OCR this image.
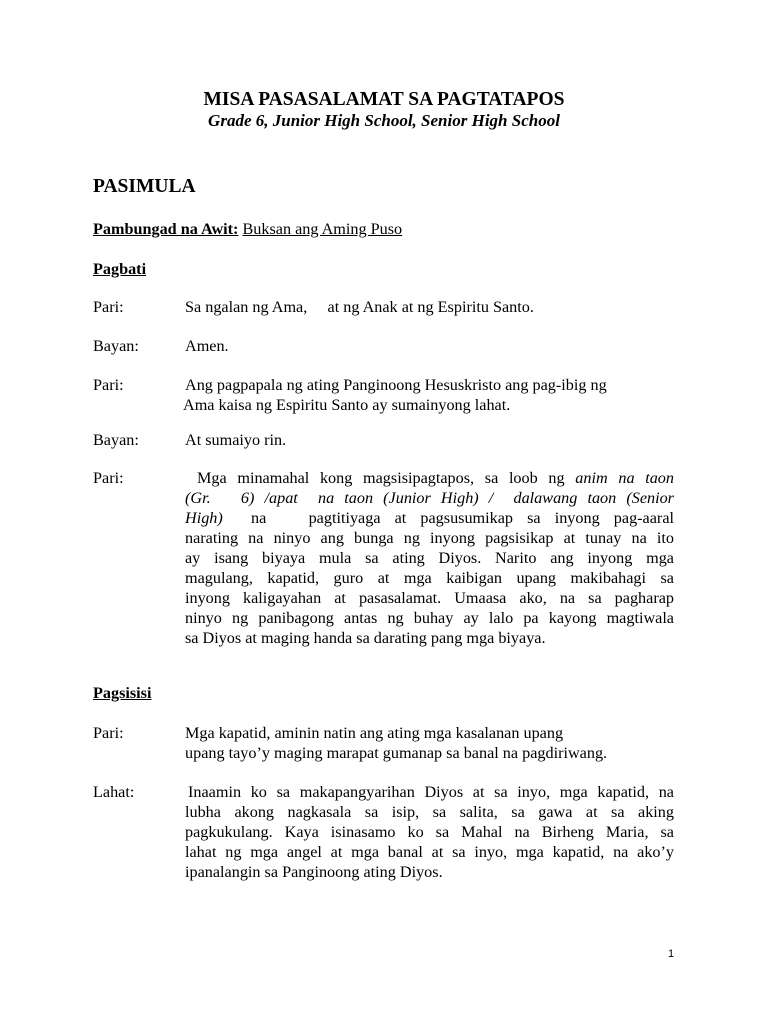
MISA PASASALAMAT SA PAGTATAPOS
Grade 6, Junior High School, Senior High School
PASIMULA
Pambungad na Awit: Buksan ang Aming Puso
Pagbati
Pari:	Sa ngalan ng Ama,     at ng Anak at ng Espiritu Santo.

Bayan:	Amen.

Pari:	Ang pagpapala ng ating Panginoong Hesuskristo ang pag-ibig ng

Ama kaisa ng Espiritu Santo ay sumainyong lahat.

Bayan:	At sumaiyo rin.

Pari:	Mga minamahal kong magsisipagtapos, sa loob ng anim na taon

(Gr.   6) /apat  na taon (Junior High) /  dalawang taon (Senior

High)  na   pagtitiyaga at pagsusumikap sa inyong pag-aaral

narating na ninyo ang bunga ng inyong pagsisikap at tunay na ito

ay isang biyaya mula sa ating Diyos. Narito ang inyong mga

magulang, kapatid, guro at mga kaibigan upang makibahagi sa

inyong kaligayahan at pasasalamat. Umaasa ako, na sa pagharap

ninyo ng panibagong antas ng buhay ay lalo pa kayong magtiwala

sa Diyos at maging handa sa darating pang mga biyaya.

Pagsisisi
Pari:	Mga kapatid, aminin natin ang ating mga kasalanan upang

upang tayo’y maging marapat gumanap sa banal na pagdiriwang.

Lahat:	Inaamin ko sa makapangyarihan Diyos at sa inyo, mga kapatid, na

lubha akong nagkasala sa isip, sa salita, sa gawa at sa aking

pagkukulang. Kaya isinasamo ko sa Mahal na Birheng Maria, sa

lahat ng mga angel at mga banal at sa inyo, mga kapatid, na ako’y

ipanalangin sa Panginoong ating Diyos.

1
